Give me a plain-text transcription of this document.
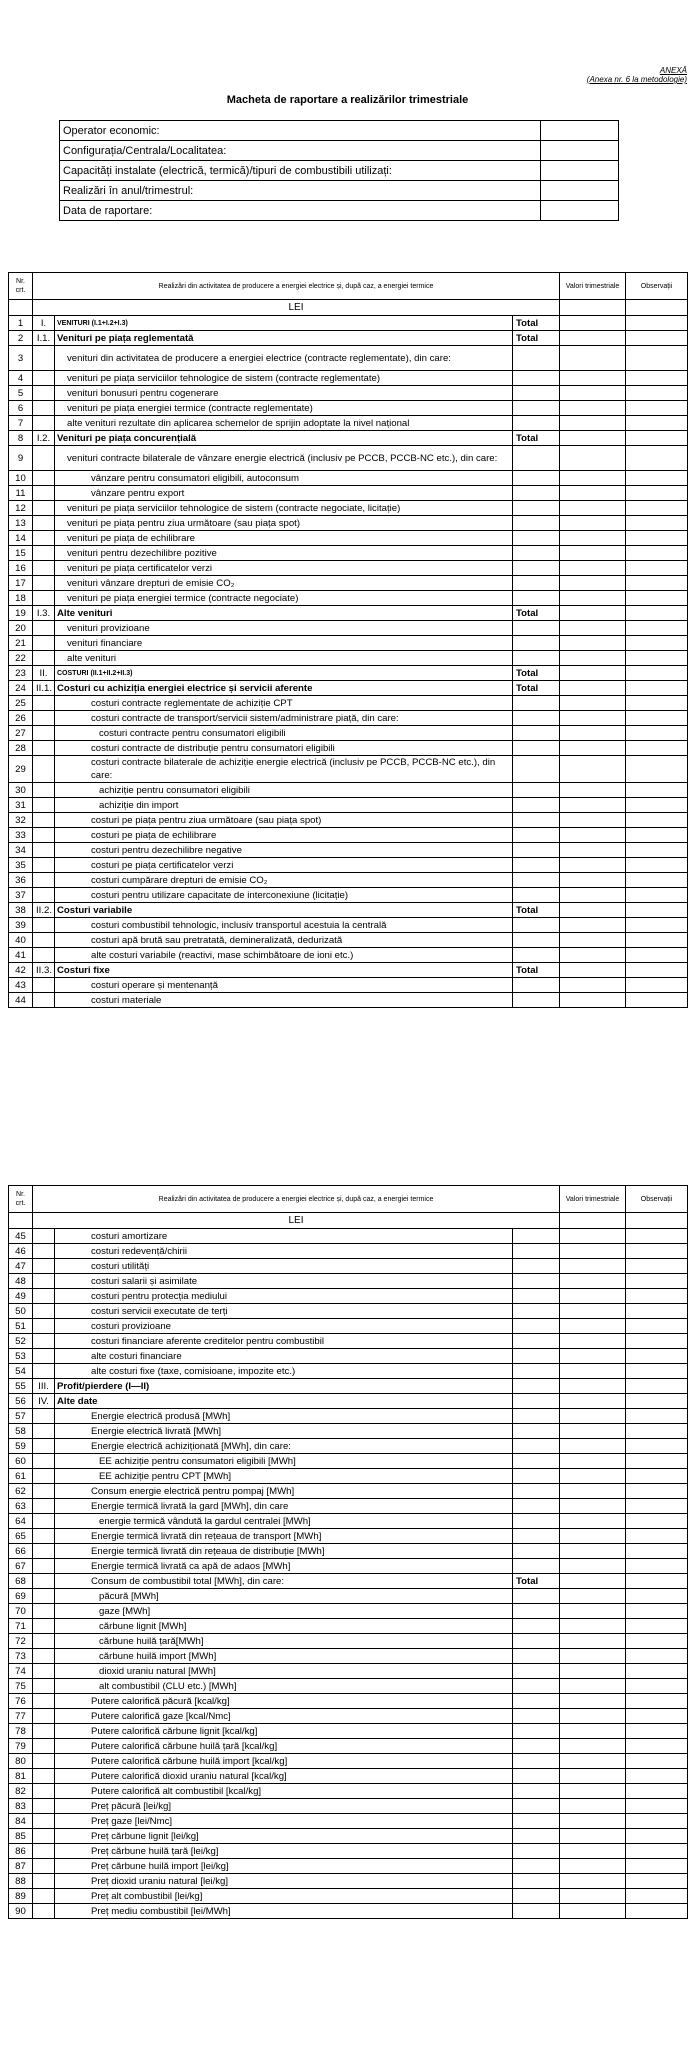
ANEXĂ
(Anexa nr. 6 la metodologie)
Macheta de raportare a realizărilor trimestriale
Operator economic:	
Configurația/Centrala/Localitatea:	
Capacități instalate (electrică, termică)/tipuri de combustibili utilizați:	
Realizări în anul/trimestrul:	
Data de raportare:	
Nr. crt.	Realizări din activitatea de producere a energiei electrice și, după caz, a energiei termice			Valori trimestriale	Observații
	LEI				
1	I.	VENITURI (I.1+I.2+I.3)	Total		
2	I.1.	Venituri pe piața reglementată	Total		
3		venituri din activitatea de producere a energiei electrice (contracte reglementate), din care:			
4		venituri pe piața serviciilor tehnologice de sistem (contracte reglementate)			
5		venituri bonusuri pentru cogenerare			
6		venituri pe piața energiei termice (contracte reglementate)			
7		alte venituri rezultate din aplicarea schemelor de sprijin adoptate la nivel național			
8	I.2.	Venituri pe piața concurențială	Total		
9		venituri contracte bilaterale de vânzare energie electrică (inclusiv pe PCCB, PCCB-NC etc.), din care:			
10		vânzare pentru consumatori eligibili, autoconsum			
11		vânzare pentru export			
12		venituri pe piața serviciilor tehnologice de sistem (contracte negociate, licitație)			
13		venituri pe piața pentru ziua următoare (sau piața spot)			
14		venituri pe piața de echilibrare			
15		venituri pentru dezechilibre pozitive			
16		venituri pe piața certificatelor verzi			
17		venituri vânzare drepturi de emisie CO₂			
18		venituri pe piața energiei termice (contracte negociate)			
19	I.3.	Alte venituri	Total		
20		venituri provizioane			
21		venituri financiare			
22		alte venituri			
23	II.	COSTURI (II.1+II.2+II.3)	Total		
24	II.1.	Costuri cu achiziția energiei electrice și servicii aferente	Total		
25		costuri contracte reglementate de achiziție CPT			
26		costuri contracte de transport/servicii sistem/administrare piață, din care:			
27		costuri contracte pentru consumatori eligibili			
28		costuri contracte de distribuție pentru consumatori eligibili			
29		costuri contracte bilaterale de achiziție energie electrică (inclusiv pe PCCB, PCCB-NC etc.), din care:			
30		achiziție pentru consumatori eligibili			
31		achiziție din import			
32		costuri pe piața pentru ziua următoare (sau piața spot)			
33		costuri pe piața de echilibrare			
34		costuri pentru dezechilibre negative			
35		costuri pe piața certificatelor verzi			
36		costuri cumpărare drepturi de emisie CO₂			
37		costuri pentru utilizare capacitate de interconexiune (licitație)			
38	II.2.	Costuri variabile	Total		
39		costuri combustibil tehnologic, inclusiv transportul acestuia la centrală			
40		costuri apă brută sau pretratată, demineralizată, dedurizată			
41		alte costuri variabile (reactivi, mase schimbătoare de ioni etc.)			
42	II.3.	Costuri fixe	Total		
43		costuri operare și mentenanță			
44		costuri materiale			
Nr. crt.	Realizări din activitatea de producere a energiei electrice și, după caz, a energiei termice			Valori trimestriale	Observații
	LEI				
45		costuri amortizare			
46		costuri redevență/chirii			
47		costuri utilități			
48		costuri salarii și asimilate			
49		costuri pentru protecția mediului			
50		costuri servicii executate de terți			
51		costuri provizioane			
52		costuri financiare aferente creditelor pentru combustibil			
53		alte costuri financiare			
54		alte costuri fixe (taxe, comisioane, impozite etc.)			
55	III.	Profit/pierdere (I—II)			
56	IV.	Alte date			
57		Energie electrică produsă [MWh]			
58		Energie electrică livrată [MWh]			
59		Energie electrică achiziționată [MWh], din care:			
60		EE achiziție pentru consumatori eligibili [MWh]			
61		EE achiziție pentru CPT [MWh]			
62		Consum energie electrică pentru pompaj [MWh]			
63		Energie termică livrată la gard [MWh], din care			
64		energie termică vândută la gardul centralei [MWh]			
65		Energie termică livrată din rețeaua de transport [MWh]			
66		Energie termică livrată din rețeaua de distribuție [MWh]			
67		Energie termică livrată ca apă de adaos [MWh]			
68		Consum de combustibil total [MWh], din care:	Total		
69		păcură [MWh]			
70		gaze [MWh]			
71		cărbune lignit [MWh]			
72		cărbune huilă țară[MWh]			
73		cărbune huilă import [MWh]			
74		dioxid uraniu natural [MWh]			
75		alt combustibil (CLU etc.) [MWh]			
76		Putere calorifică păcură [kcal/kg]			
77		Putere calorifică gaze [kcal/Nmc]			
78		Putere calorifică cărbune lignit [kcal/kg]			
79		Putere calorifică cărbune huilă țară [kcal/kg]			
80		Putere calorifică cărbune huilă import [kcal/kg]			
81		Putere calorifică dioxid uraniu natural [kcal/kg]			
82		Putere calorifică alt combustibil [kcal/kg]			
83		Preț păcură [lei/kg]			
84		Preț gaze [lei/Nmc]			
85		Preț cărbune lignit [lei/kg]			
86		Preț cărbune huilă țară [lei/kg]			
87		Preț cărbune huilă import [lei/kg]			
88		Preț dioxid uraniu natural [lei/kg]			
89		Preț alt combustibil [lei/kg]			
90		Preț mediu combustibil [lei/MWh]			
